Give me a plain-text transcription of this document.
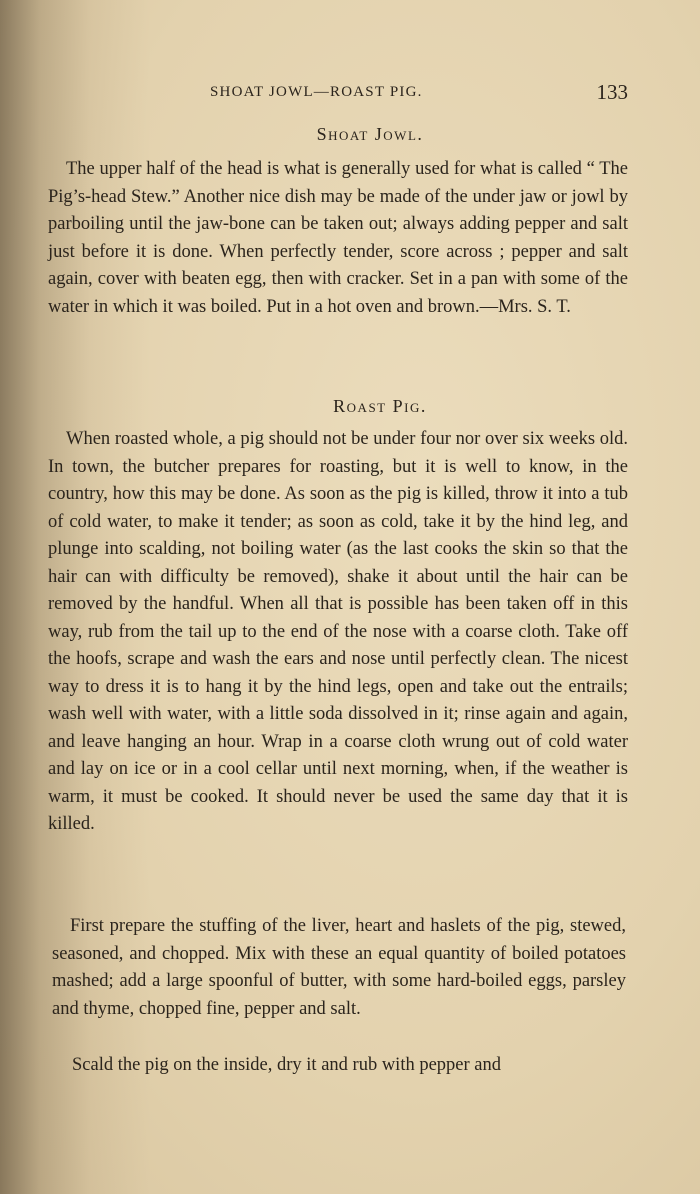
SHOAT JOWL—ROAST PIG.	133
Shoat Jowl.

The upper half of the head is what is generally used for what is called “ The Pig’s-head Stew.” Another nice dish may be made of the under jaw or jowl by parboiling until the jaw-bone can be taken out; always adding pepper and salt just before it is done. When perfectly tender, score across ; pepper and salt again, cover with beaten egg, then with cracker. Set in a pan with some of the water in which it was boiled. Put in a hot oven and brown.—Mrs. S. T.

Roast Pig.

When roasted whole, a pig should not be under four nor over six weeks old. In town, the butcher prepares for roasting, but it is well to know, in the country, how this may be done. As soon as the pig is killed, throw it into a tub of cold water, to make it tender; as soon as cold, take it by the hind leg, and plunge into scalding, not boiling water (as the last cooks the skin so that the hair can with difficulty be removed), shake it about until the hair can be removed by the handful. When all that is possible has been taken off in this way, rub from the tail up to the end of the nose with a coarse cloth. Take off the hoofs, scrape and wash the ears and nose until perfectly clean. The nicest way to dress it is to hang it by the hind legs, open and take out the entrails; wash well with water, with a little soda dissolved in it; rinse again and again, and leave hanging an hour. Wrap in a coarse cloth wrung out of cold water and lay on ice or in a cool cellar until next morning, when, if the weather is warm, it must be cooked. It should never be used the same day that it is killed.

First prepare the stuffing of the liver, heart and haslets of the pig, stewed, seasoned, and chopped. Mix with these an equal quantity of boiled potatoes mashed; add a large spoonful of butter, with some hard-boiled eggs, parsley and thyme, chopped fine, pepper and salt.

Scald the pig on the inside, dry it and rub with pepper and
